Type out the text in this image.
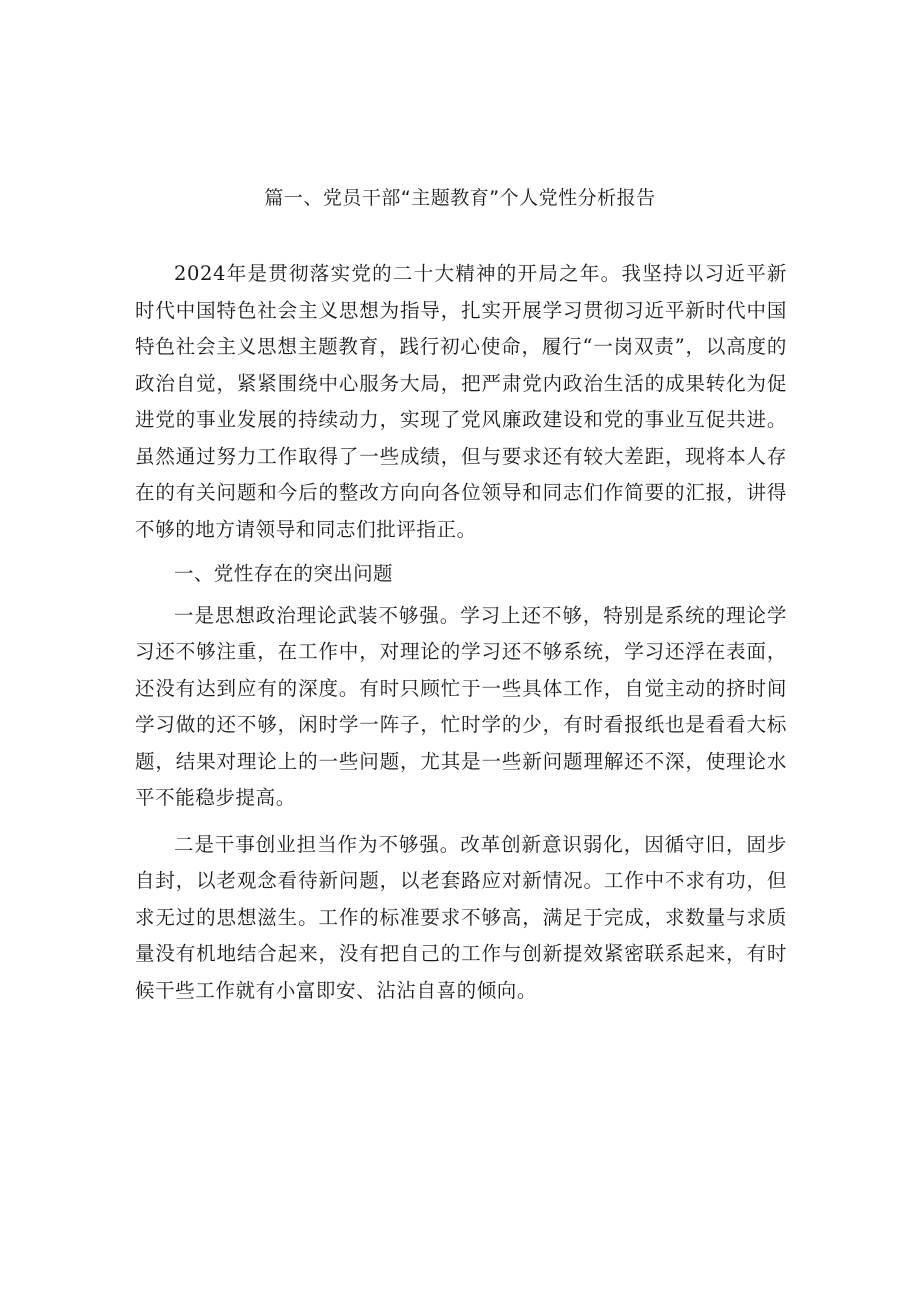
篇一、党员干部“主题教育”个人党性分析报告

2024年是贯彻落实党的二十大精神的开局之年。我坚持以习近平新时代中国特色社会主义思想为指导，扎实开展学习贯彻习近平新时代中国特色社会主义思想主题教育，践行初心使命，履行“一岗双责”，以高度的政治自觉，紧紧围绕中心服务大局，把严肃党内政治生活的成果转化为促进党的事业发展的持续动力，实现了党风廉政建设和党的事业互促共进。虽然通过努力工作取得了一些成绩，但与要求还有较大差距，现将本人存在的有关问题和今后的整改方向向各位领导和同志们作简要的汇报，讲得不够的地方请领导和同志们批评指正。

一、党性存在的突出问题

一是思想政治理论武装不够强。学习上还不够，特别是系统的理论学习还不够注重，在工作中，对理论的学习还不够系统，学习还浮在表面，还没有达到应有的深度。有时只顾忙于一些具体工作，自觉主动的挤时间学习做的还不够，闲时学一阵子，忙时学的少，有时看报纸也是看看大标题，结果对理论上的一些问题，尤其是一些新问题理解还不深，使理论水平不能稳步提高。

二是干事创业担当作为不够强。改革创新意识弱化，因循守旧，固步自封，以老观念看待新问题，以老套路应对新情况。工作中不求有功，但求无过的思想滋生。工作的标准要求不够高，满足于完成，求数量与求质量没有机地结合起来，没有把自己的工作与创新提效紧密联系起来，有时候干些工作就有小富即安、沾沾自喜的倾向。
